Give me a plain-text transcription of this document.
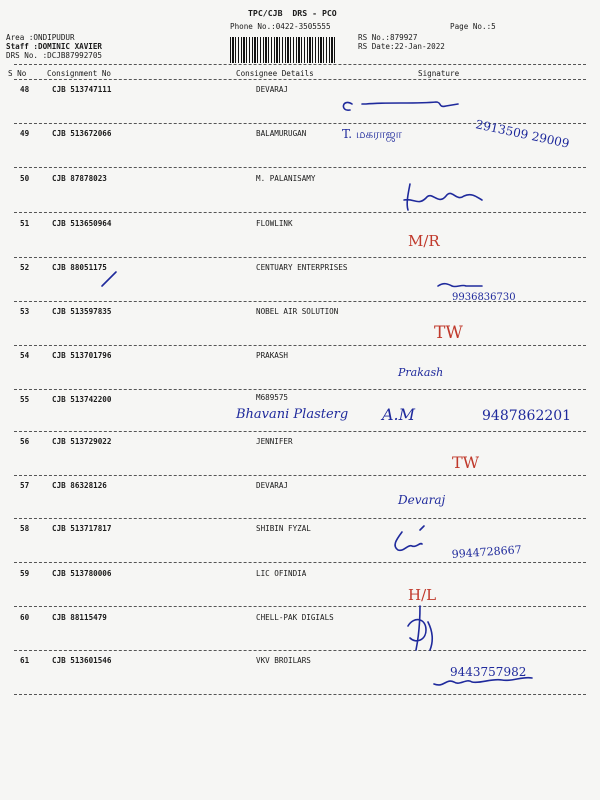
TPC/CJB  DRS - PCO
Phone No.:0422-3505555	Page No.:5
Area :ONDIPUDUR
Staff :DOMINIC XAVIER
DRS No. :DCJB87992705
RS No.:879927
RS Date:22-Jan-2022
S No	Consignment No	Consignee Details	Signature
48	CJB 513747111	DEVARAJ
49	CJB 513672066	BALAMURUGAN
50	CJB 87878023	M. PALANISAMY
51	CJB 513650964	FLOWLINK
52	CJB 88051175	CENTUARY ENTERPRISES
53	CJB 513597835	NOBEL AIR SOLUTION
54	CJB 513701796	PRAKASH
55	CJB 513742200	M689575
56	CJB 513729022	JENNIFER
57	CJB 86328126	DEVARAJ
58	CJB 513717817	SHIBIN FYZAL
59	CJB 513780006	LIC OFINDIA
60	CJB 88115479	CHELL-PAK DIGIALS
61	CJB 513601546	VKV BROILARS
2913509 29009
T. மகராஜா
9936836730
M/R
TW
Prakash
Bhavani Plasterg A.M	9487862201
TW
Devaraj
9944728667
H/L
9443757982
